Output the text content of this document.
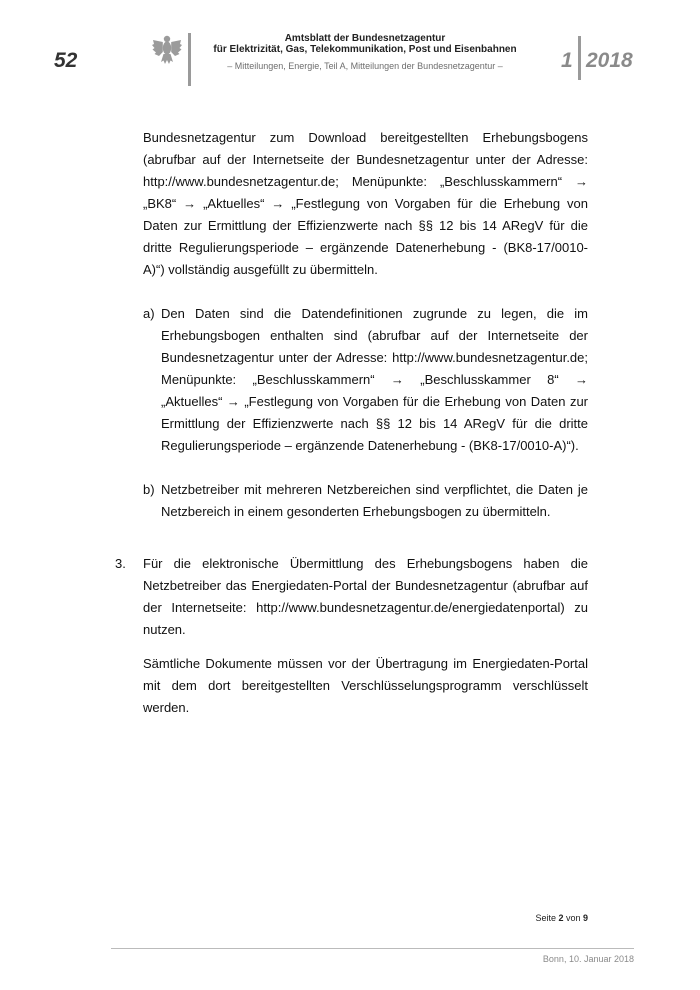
52
Amtsblatt der Bundesnetzagentur
für Elektrizität, Gas, Telekommunikation, Post und Eisenbahnen
– Mitteilungen, Energie, Teil A, Mitteilungen der Bundesnetzagentur –	1 2018

Bundesnetzagentur zum Download bereitgestellten Erhebungsbogens (abrufbar auf der Internetseite der Bundesnetzagentur unter der Adresse: http://www.bundesnetzagentur.de; Menüpunkte: „Beschlusskammern“ → „BK8“ → „Aktuelles“ → „Festlegung von Vorgaben für die Erhebung von Daten zur Ermittlung der Effizienzwerte nach §§ 12 bis 14 ARegV für die dritte Regulierungsperiode – ergänzende Datenerhebung - (BK8-17/0010-A)“) vollständig ausgefüllt zu übermitteln.

a) Den Daten sind die Datendefinitionen zugrunde zu legen, die im Erhebungsbogen enthalten sind (abrufbar auf der Internetseite der Bundesnetzagentur unter der Adresse: http://www.bundesnetzagentur.de; Menüpunkte: „Beschlusskammern“ → „Beschlusskammer 8“ → „Aktuelles“ → „Festlegung von Vorgaben für die Erhebung von Daten zur Ermittlung der Effizienzwerte nach §§ 12 bis 14 ARegV für die dritte Regulierungsperiode – ergänzende Datenerhebung - (BK8-17/0010-A)“).

b) Netzbetreiber mit mehreren Netzbereichen sind verpflichtet, die Daten je Netzbereich in einem gesonderten Erhebungsbogen zu übermitteln.

3. Für die elektronische Übermittlung des Erhebungsbogens haben die Netzbetreiber das Energiedaten-Portal der Bundesnetzagentur (abrufbar auf der Internetseite: http://www.bundesnetzagentur.de/energiedatenportal) zu nutzen.

Sämtliche Dokumente müssen vor der Übertragung im Energiedaten-Portal mit dem dort bereitgestellten Verschlüsselungsprogramm verschlüsselt werden.

Seite 2 von 9
Bonn, 10. Januar 2018
